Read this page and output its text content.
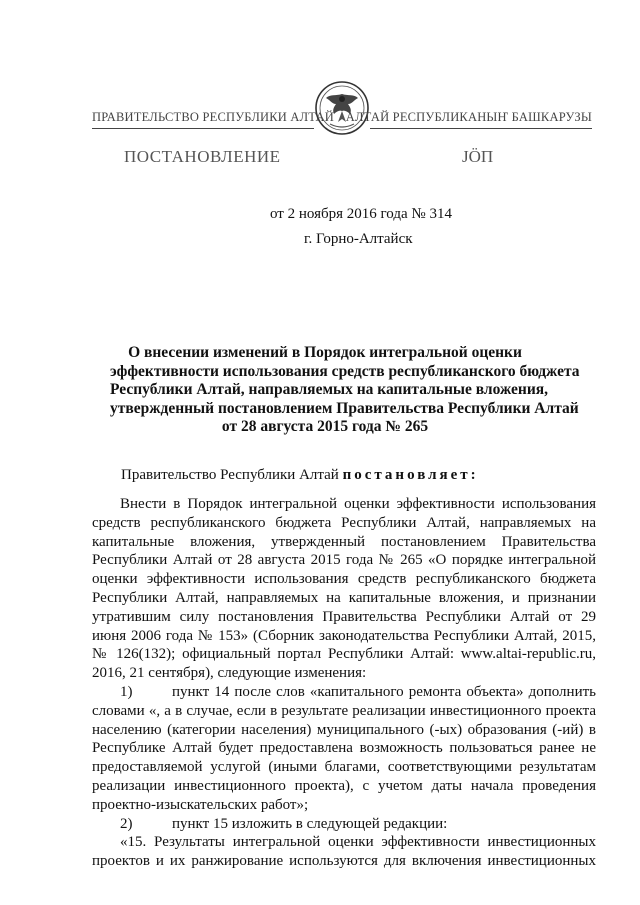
ПРАВИТЕЛЬСТВО РЕСПУБЛИКИ АЛТАЙ АЛТАЙ РЕСПУБЛИКАНЫҤ БАШКАРУЗЫ
ПОСТАНОВЛЕНИЕ	JӦП
от 2 ноября 2016 года № 314
г. Горно-Алтайск
О внесении изменений в Порядок интегральной оценки
эффективности использования средств республиканского бюджета
Республики Алтай, направляемых на капитальные вложения,
утвержденный постановлением Правительства Республики Алтай
от 28 августа 2015 года № 265
Правительство Республики Алтай постановляет:
Внести в Порядок интегральной оценки эффективности использования
средств республиканского бюджета Республики Алтай, направляемых на
капитальные вложения, утвержденный постановлением Правительства
Республики Алтай от 28 августа 2015 года № 265 «О порядке интегральной
оценки эффективности использования средств республиканского бюджета
Республики Алтай, направляемых на капитальные вложения, и признании
утратившим силу постановления Правительства Республики Алтай от 29
июня 2006 года № 153» (Сборник законодательства Республики Алтай, 2015,
№ 126(132); официальный портал Республики Алтай: www.altai-republic.ru,
2016, 21 сентября), следующие изменения:
1)	пункт 14 после слов «капитального ремонта объекта» дополнить
словами «, а в случае, если в результате реализации инвестиционного проекта
населению (категории населения) муниципального (-ых) образования (-ий) в
Республике Алтай будет предоставлена возможность пользоваться ранее не
предоставляемой услугой (иными благами, соответствующими результатам
реализации инвестиционного проекта), с учетом даты начала проведения
проектно-изыскательских работ»;
2)	пункт 15 изложить в следующей редакции:
«15. Результаты интегральной оценки эффективности инвестиционных
проектов и их ранжирование используются для включения инвестиционных
